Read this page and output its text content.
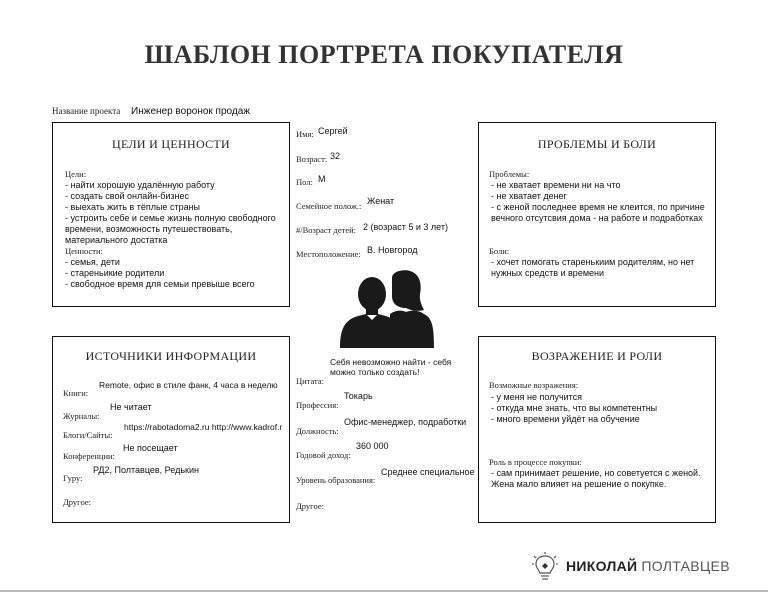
ШАБЛОН ПОРТРЕТА ПОКУПАТЕЛЯ
Название проекта Инженер воронок продаж
ЦЕЛИ И ЦЕННОСТИ
Цели:
- найти хорошую удалённую работу
- создать свой онлайн-бизнес
- выехать жить в тёплые страны
- устроить себе и семье жизнь полную свободного
времени, возможность путешествовать,
материального достатка
Ценности:
- семья, дети
- стареньикие родители
- свободное время для семьи превыше всего
Имя: Сергей
Возраст: 32
Пол: М
Семейное полож.: Женат
#/Возраст детей: 2 (возраст 5 и 3 лет)
Местоположение: В. Новгород
ПРОБЛЕМЫ И БОЛИ
Проблемы:
- не хватает времени ни на что
- не хватает денег
- с женой последнее время не клеится, по причине
вечного отсутсвия дома - на работе и подработках
Боли:
- хочет помогать старенькиим родителям, но нет
нужных средств и времени
ИСТОЧНИКИ ИНФОРМАЦИИ
Книги:
Remote, офис в стиле фанк, 4 часа в неделю
Журналы:
Не читает
Блоги/Сайты:
https://rabotadoma2.ru http://www.kadrof.r
Конференции:
Не посещает
Гуру:
РД2, Полтавцев, Редькин
Другое:
Себя невозможно найти - себя
можно только создать!
Цитата:
Профессия:
Токарь
Должность:
Офис-менеджер, подработки
Годовой доход:
360 000
Уровень образования:
Среднее специальное
Другое:
ВОЗРАЖЕНИЕ И РОЛИ
Возможные возражения:
- у меня не получится
- откуда мне знать, что вы компетентны
- много времени уйдёт на обучение
Роль в процессе покупки:
- сам принимает решение, но советуется с женой.
Жена мало влияет на решение о покупке.
НИКОЛАЙ ПОЛТАВЦЕВ
